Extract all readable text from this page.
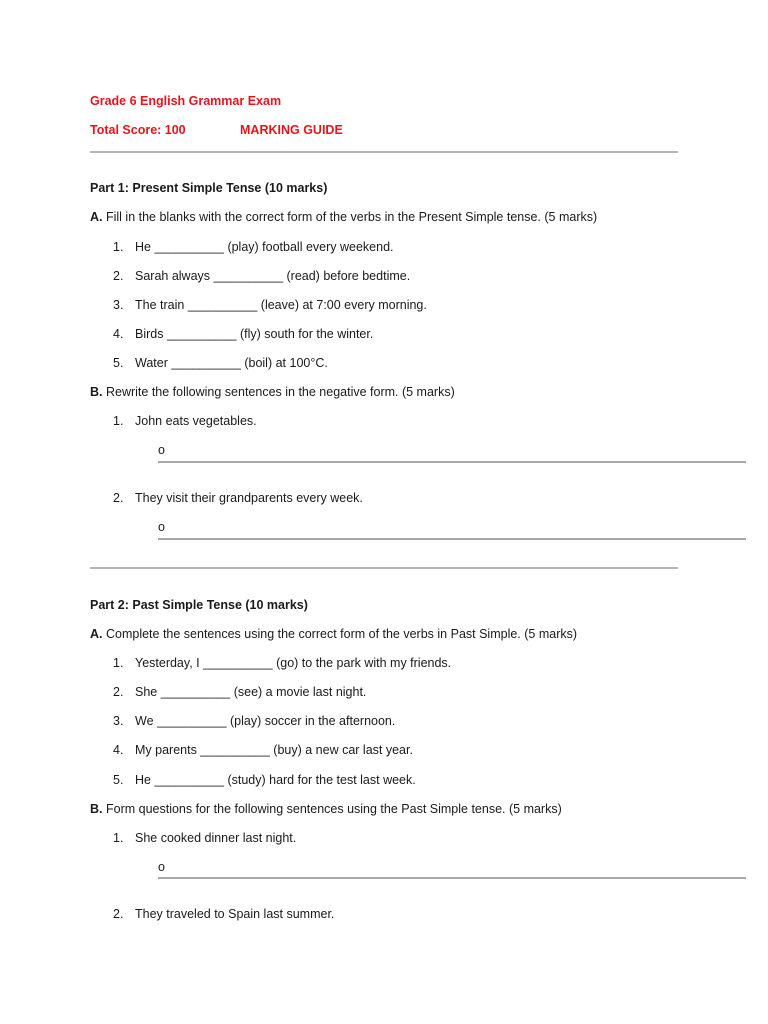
Grade 6 English Grammar Exam
Total Score: 100	MARKING GUIDE
Part 1: Present Simple Tense (10 marks)
A. Fill in the blanks with the correct form of the verbs in the Present Simple tense. (5 marks)
1. He __________ (play) football every weekend.
2. Sarah always __________ (read) before bedtime.
3. The train __________ (leave) at 7:00 every morning.
4. Birds __________ (fly) south for the winter.
5. Water __________ (boil) at 100°C.
B. Rewrite the following sentences in the negative form. (5 marks)
1. John eats vegetables.
o
2. They visit their grandparents every week.
o
Part 2: Past Simple Tense (10 marks)
A. Complete the sentences using the correct form of the verbs in Past Simple. (5 marks)
1. Yesterday, I __________ (go) to the park with my friends.
2. She __________ (see) a movie last night.
3. We __________ (play) soccer in the afternoon.
4. My parents __________ (buy) a new car last year.
5. He __________ (study) hard for the test last week.
B. Form questions for the following sentences using the Past Simple tense. (5 marks)
1. She cooked dinner last night.
o
2. They traveled to Spain last summer.
